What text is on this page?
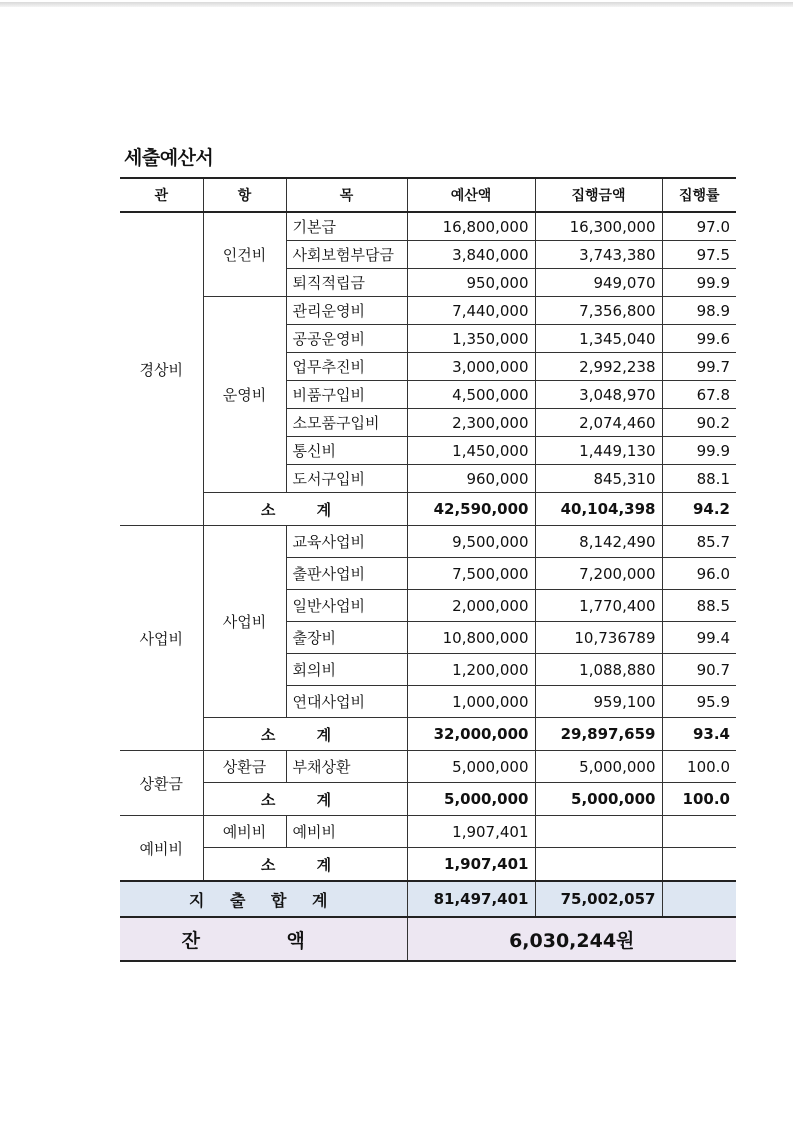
세출예산서
관	항	목	예산액	집행금액	집행률
경상비	인건비	기본급	16,800,000	16,300,000	97.0
		사회보험부담금	3,840,000	3,743,380	97.5
		퇴직적립금	950,000	949,070	99.9
	운영비	관리운영비	7,440,000	7,356,800	98.9
		공공운영비	1,350,000	1,345,040	99.6
		업무추진비	3,000,000	2,992,238	99.7
		비품구입비	4,500,000	3,048,970	67.8
		소모품구입비	2,300,000	2,074,460	90.2
		통신비	1,450,000	1,449,130	99.9
		도서구입비	960,000	845,310	88.1
	소 계		42,590,000	40,104,398	94.2
사업비	사업비	교육사업비	9,500,000	8,142,490	85.7
		출판사업비	7,500,000	7,200,000	96.0
		일반사업비	2,000,000	1,770,400	88.5
		출장비	10,800,000	10,736789	99.4
		회의비	1,200,000	1,088,880	90.7
		연대사업비	1,000,000	959,100	95.9
	소 계		32,000,000	29,897,659	93.4
상환금	상환금	부채상환	5,000,000	5,000,000	100.0
	소 계		5,000,000	5,000,000	100.0
예비비	예비비	예비비	1,907,401		
	소 계		1,907,401		
지 출 합 계			81,497,401	75,002,057	
잔 액			6,030,244원		
